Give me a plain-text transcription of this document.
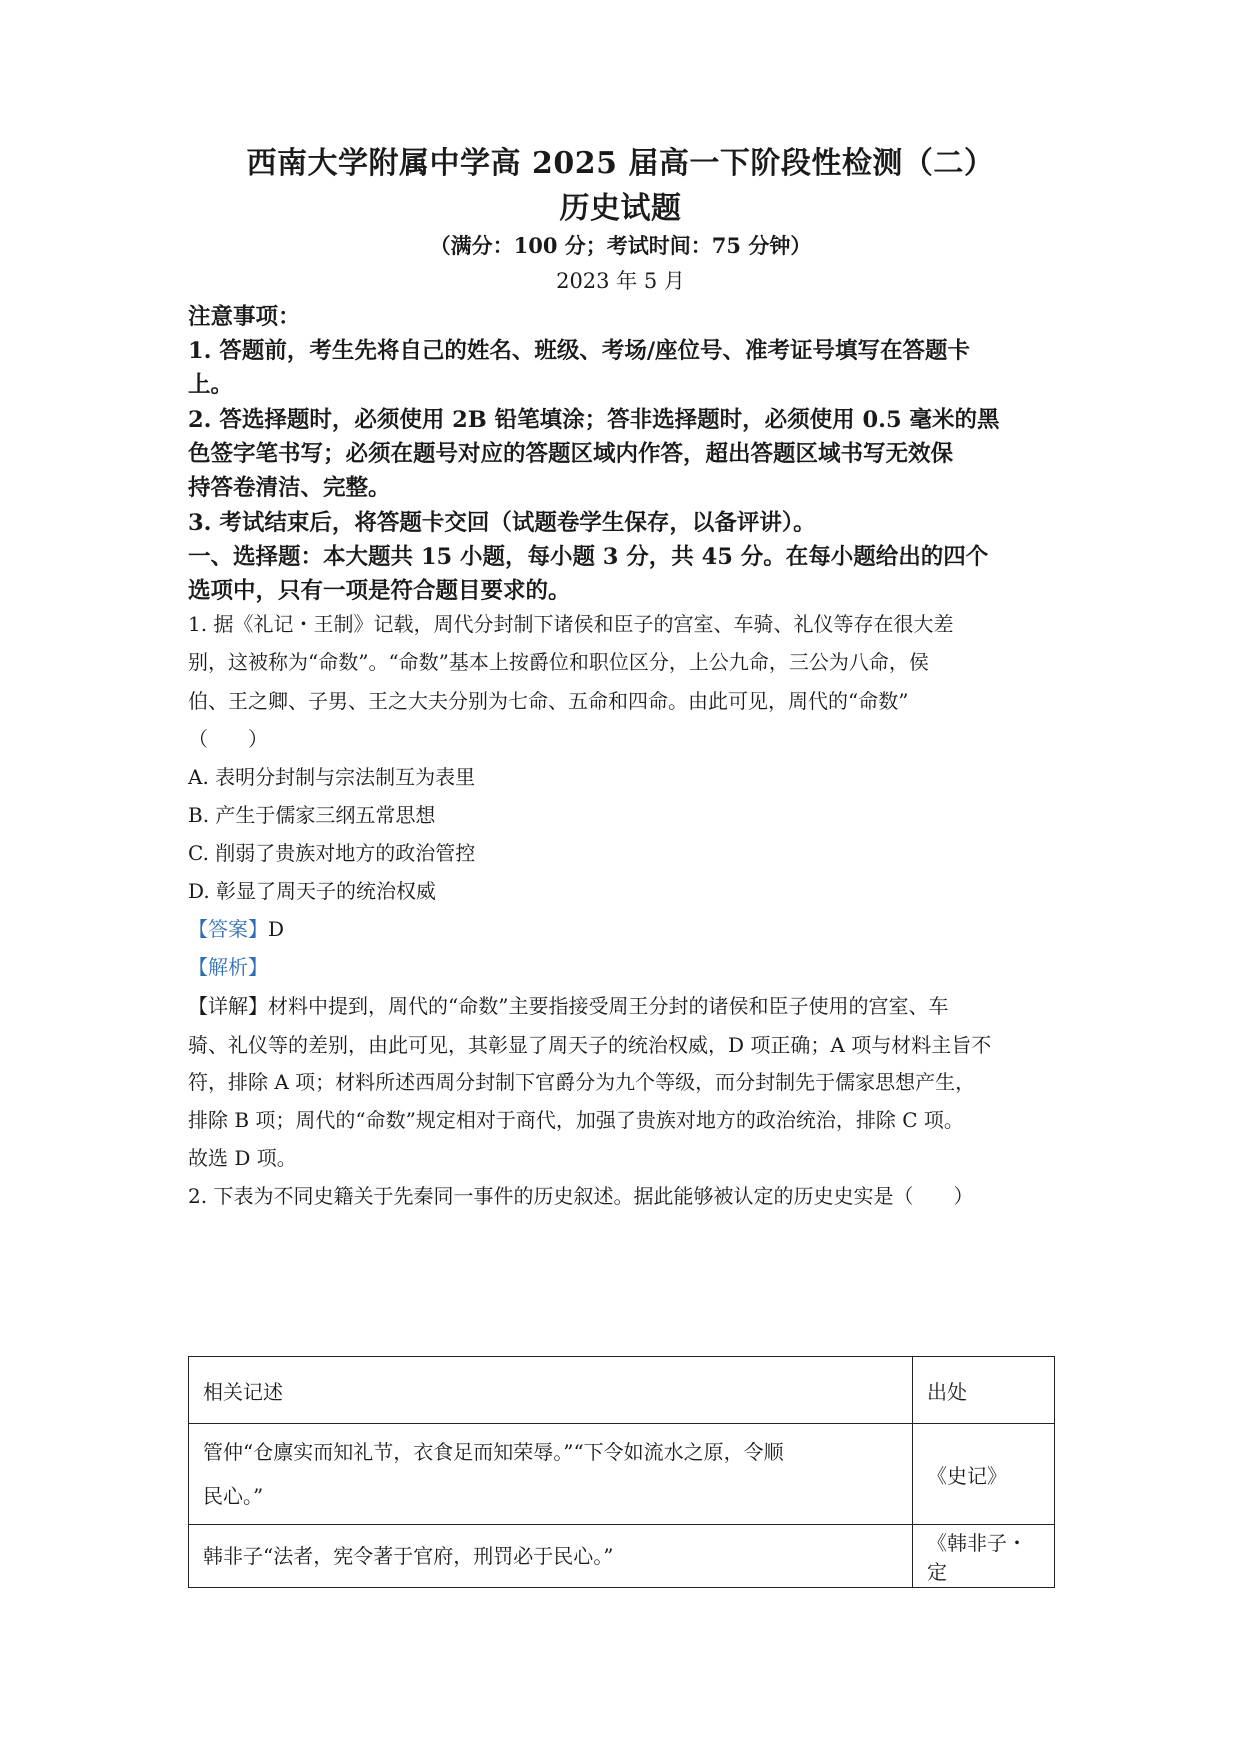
西南大学附属中学高 2025 届高一下阶段性检测（二）
历史试题
（满分：100 分；考试时间：75 分钟）
2023 年 5 月
注意事项：
1. 答题前，考生先将自己的姓名、班级、考场/座位号、准考证号填写在答题卡
上。
2. 答选择题时，必须使用 2B 铅笔填涂；答非选择题时，必须使用 0.5 毫米的黑
色签字笔书写；必须在题号对应的答题区域内作答，超出答题区域书写无效保
持答卷清洁、完整。
3. 考试结束后，将答题卡交回（试题卷学生保存，以备评讲）。
一、选择题：本大题共 15 小题，每小题 3 分，共 45 分。在每小题给出的四个
选项中，只有一项是符合题目要求的。
1. 据《礼记・王制》记载，周代分封制下诸侯和臣子的宫室、车骑、礼仪等存在很大差
别，这被称为“命数”。“命数”基本上按爵位和职位区分，上公九命，三公为八命，侯
伯、王之卿、子男、王之大夫分别为七命、五命和四命。由此可见，周代的“命数”
（　　）
A. 表明分封制与宗法制互为表里
B. 产生于儒家三纲五常思想
C. 削弱了贵族对地方的政治管控
D. 彰显了周天子的统治权威
【答案】D
【解析】
【详解】材料中提到，周代的“命数”主要指接受周王分封的诸侯和臣子使用的宫室、车
骑、礼仪等的差别，由此可见，其彰显了周天子的统治权威，D 项正确；A 项与材料主旨不
符，排除 A 项；材料所述西周分封制下官爵分为九个等级，而分封制先于儒家思想产生，
排除 B 项；周代的“命数”规定相对于商代，加强了贵族对地方的政治统治，排除 C 项。
故选 D 项。
2. 下表为不同史籍关于先秦同一事件的历史叙述。据此能够被认定的历史史实是（　　）
相关记述	出处

管仲“仓廪实而知礼节，衣食足而知荣辱。”“下令如流水之原，令顺
民心。”	《史记》

韩非子“法者，宪令著于官府，刑罚必于民心。”	《韩非子・定
